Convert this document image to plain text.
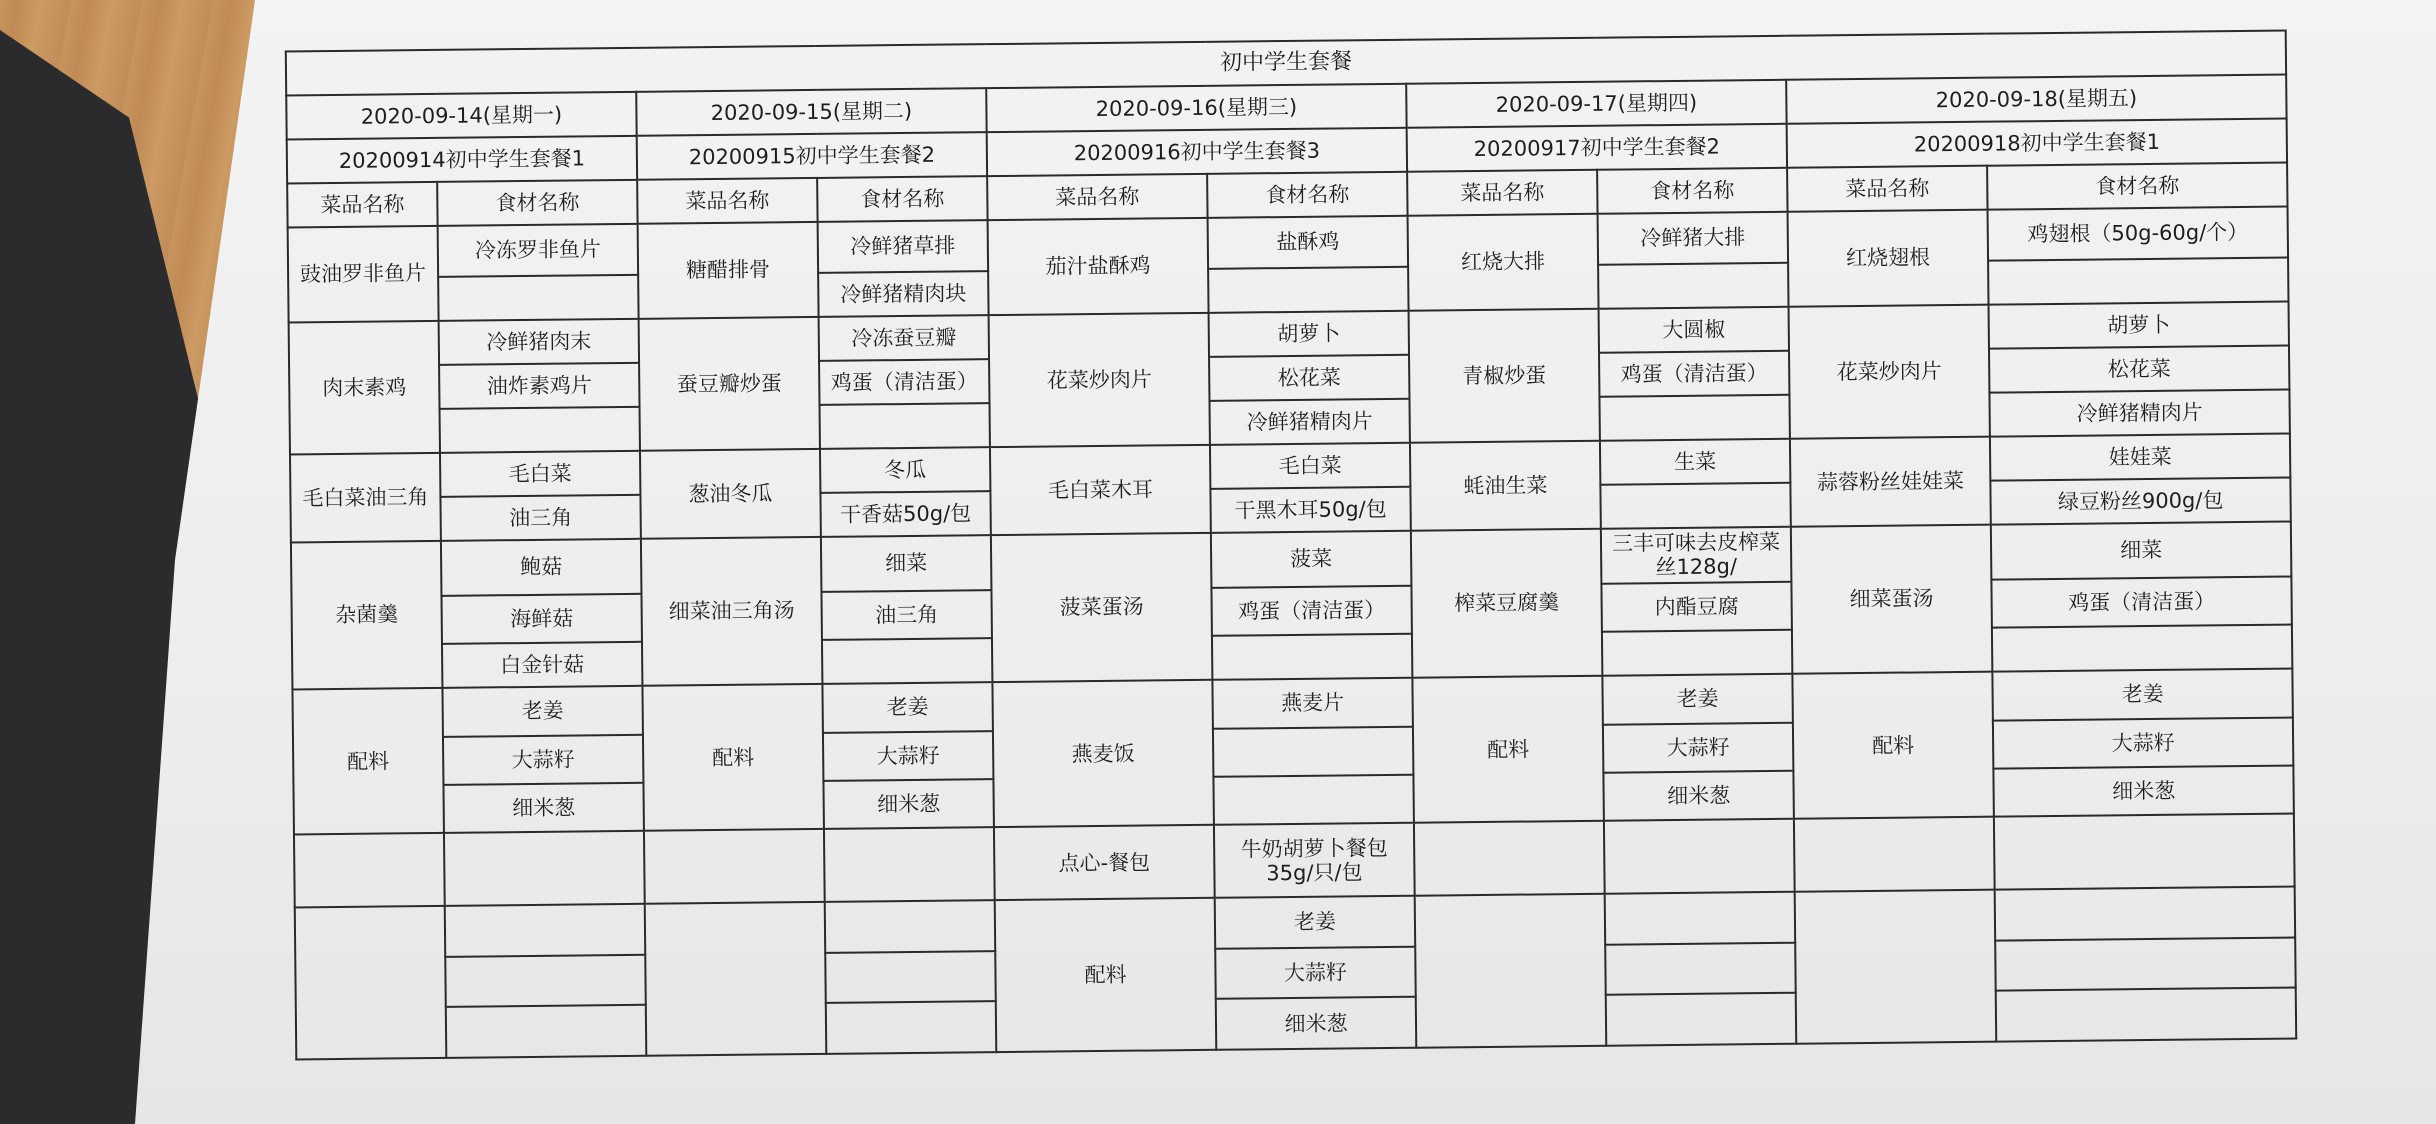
初中学生套餐									
2020-09-14(星期一)		2020-09-15(星期二)		2020-09-16(星期三)		2020-09-17(星期四)		2020-09-18(星期五)	
20200914初中学生套餐1		20200915初中学生套餐2		20200916初中学生套餐3		20200917初中学生套餐2		20200918初中学生套餐1	
菜品名称	食材名称	菜品名称	食材名称	菜品名称	食材名称	菜品名称	食材名称	菜品名称	食材名称
豉油罗非鱼片	冷冻罗非鱼片	糖醋排骨	冷鲜猪草排	茄汁盐酥鸡	盐酥鸡	红烧大排	冷鲜猪大排	红烧翅根	鸡翅根（50g-60g/个）
			冷鲜猪精肉块						
肉末素鸡	冷鲜猪肉末	蚕豆瓣炒蛋	冷冻蚕豆瓣	花菜炒肉片	胡萝卜	青椒炒蛋	大圆椒	花菜炒肉片	胡萝卜
	油炸素鸡片		鸡蛋（清洁蛋）		松花菜		鸡蛋（清洁蛋）		松花菜
					冷鲜猪精肉片				冷鲜猪精肉片
毛白菜油三角	毛白菜	葱油冬瓜	冬瓜	毛白菜木耳	毛白菜	蚝油生菜	生菜	蒜蓉粉丝娃娃菜	娃娃菜
	油三角		干香菇50g/包		干黑木耳50g/包				绿豆粉丝900g/包
杂菌羹	鲍菇	细菜油三角汤	细菜	菠菜蛋汤	菠菜	榨菜豆腐羹	三丰可味去皮榨菜丝128g/	细菜蛋汤	细菜
	海鲜菇		油三角		鸡蛋（清洁蛋）		内酯豆腐		鸡蛋（清洁蛋）
	白金针菇								
配料	老姜	配料	老姜	燕麦饭	燕麦片	配料	老姜	配料	老姜
	大蒜籽		大蒜籽				大蒜籽		大蒜籽
	细米葱		细米葱				细米葱		细米葱
				点心-餐包	牛奶胡萝卜餐包35g/只/包				
				配料	老姜				
					大蒜籽				
					细米葱				
